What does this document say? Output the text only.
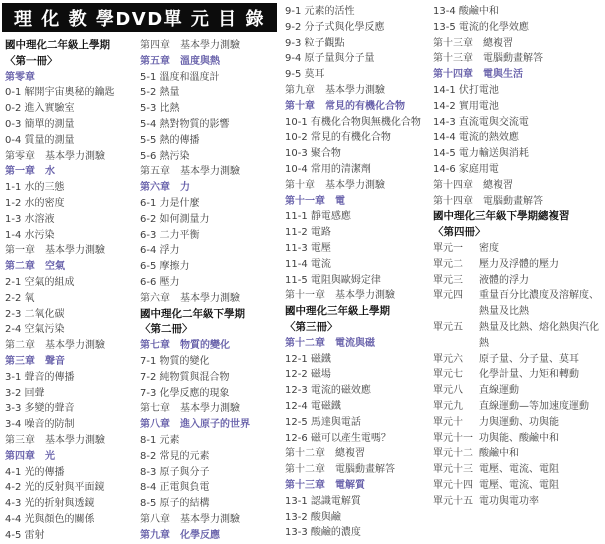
理 化 教 學DVD單 元 目 錄
國中理化二年級上學期
〈第一冊〉
第零章
0-1 解開宇宙奧秘的鑰匙
0-2 進入實驗室
0-3 簡單的測量
0-4 質量的測量
第零章　基本學力測驗
第一章　水
1-1 水的三態
1-2 水的密度
1-3 水溶液
1-4 水污染
第一章　基本學力測驗
第二章　空氣
2-1 空氣的組成
2-2 氧
2-3 二氧化碳
2-4 空氣污染
第二章　基本學力測驗
第三章　聲音
3-1 聲音的傳播
3-2 回聲
3-3 多變的聲音
3-4 噪音的防制
第三章　基本學力測驗
第四章　光
4-1 光的傳播
4-2 光的反射與平面鏡
4-3 光的折射與透鏡
4-4 光與顏色的關係
4-5 雷射
第四章　基本學力測驗
第五章　溫度與熱
5-1 溫度和溫度計
5-2 熱量
5-3 比熱
5-4 熱對物質的影響
5-5 熱的傳播
5-6 熱污染
第五章　基本學力測驗
第六章　力
6-1 力是什麼
6-2 如何測量力
6-3 二力平衡
6-4 浮力
6-5 摩擦力
6-6 壓力
第六章　基本學力測驗
國中理化二年級下學期
〈第二冊〉
第七章　物質的變化
7-1 物質的變化
7-2 純物質與混合物
7-3 化學反應的現象
第七章　基本學力測驗
第八章　進入原子的世界
8-1 元素
8-2 常見的元素
8-3 原子與分子
8-4 正電與負電
8-5 原子的結構
第八章　基本學力測驗
第九章　化學反應
9-1 元素的活性
9-2 分子式與化學反應
9-3 粒子觀點
9-4 原子量與分子量
9-5 莫耳
第九章　基本學力測驗
第十章　常見的有機化合物
10-1 有機化合物與無機化合物
10-2 常見的有機化合物
10-3 聚合物
10-4 常用的清潔劑
第十章　基本學力測驗
第十一章　電
11-1 靜電感應
11-2 電路
11-3 電壓
11-4 電流
11-5 電阻與歐姆定律
第十一章　基本學力測驗
國中理化三年級上學期
〈第三冊〉
第十二章　電流與磁
12-1 磁鐵
12-2 磁場
12-3 電流的磁效應
12-4 電磁鐵
12-5 馬達與電話
12-6 磁可以產生電嗎？
第十二章　總複習
第十二章　電腦動畫解答
第十三章　電解質
13-1 認識電解質
13-2 酸與鹼
13-3 酸鹼的濃度
13-4 酸鹼中和
13-5 電流的化學效應
第十三章　總複習
第十三章　電腦動畫解答
第十四章　電與生活
14-1 伏打電池
14-2 實用電池
14-3 直流電與交流電
14-4 電流的熱效應
14-5 電力輸送與消耗
14-6 家庭用電
第十四章　總複習
第十四章　電腦動畫解答
國中理化三年級下學期總複習
〈第四冊〉
單元一	密度
單元二	壓力及浮體的壓力
單元三	液體的浮力
單元四	重量百分比濃度及溶解度、熱量及比熱
單元五	熱量及比熱、熔化熱與汽化熱
單元六	原子量、分子量、莫耳
單元七	化學計量、力矩和轉動
單元八	直線運動
單元九	直線運動—等加速度運動
單元十	力與運動、功與能
單元十一 功與能、酸鹼中和
單元十二 酸鹼中和
單元十三 電壓、電流、電阻
單元十四 電壓、電流、電阻
單元十五 電功與電功率
